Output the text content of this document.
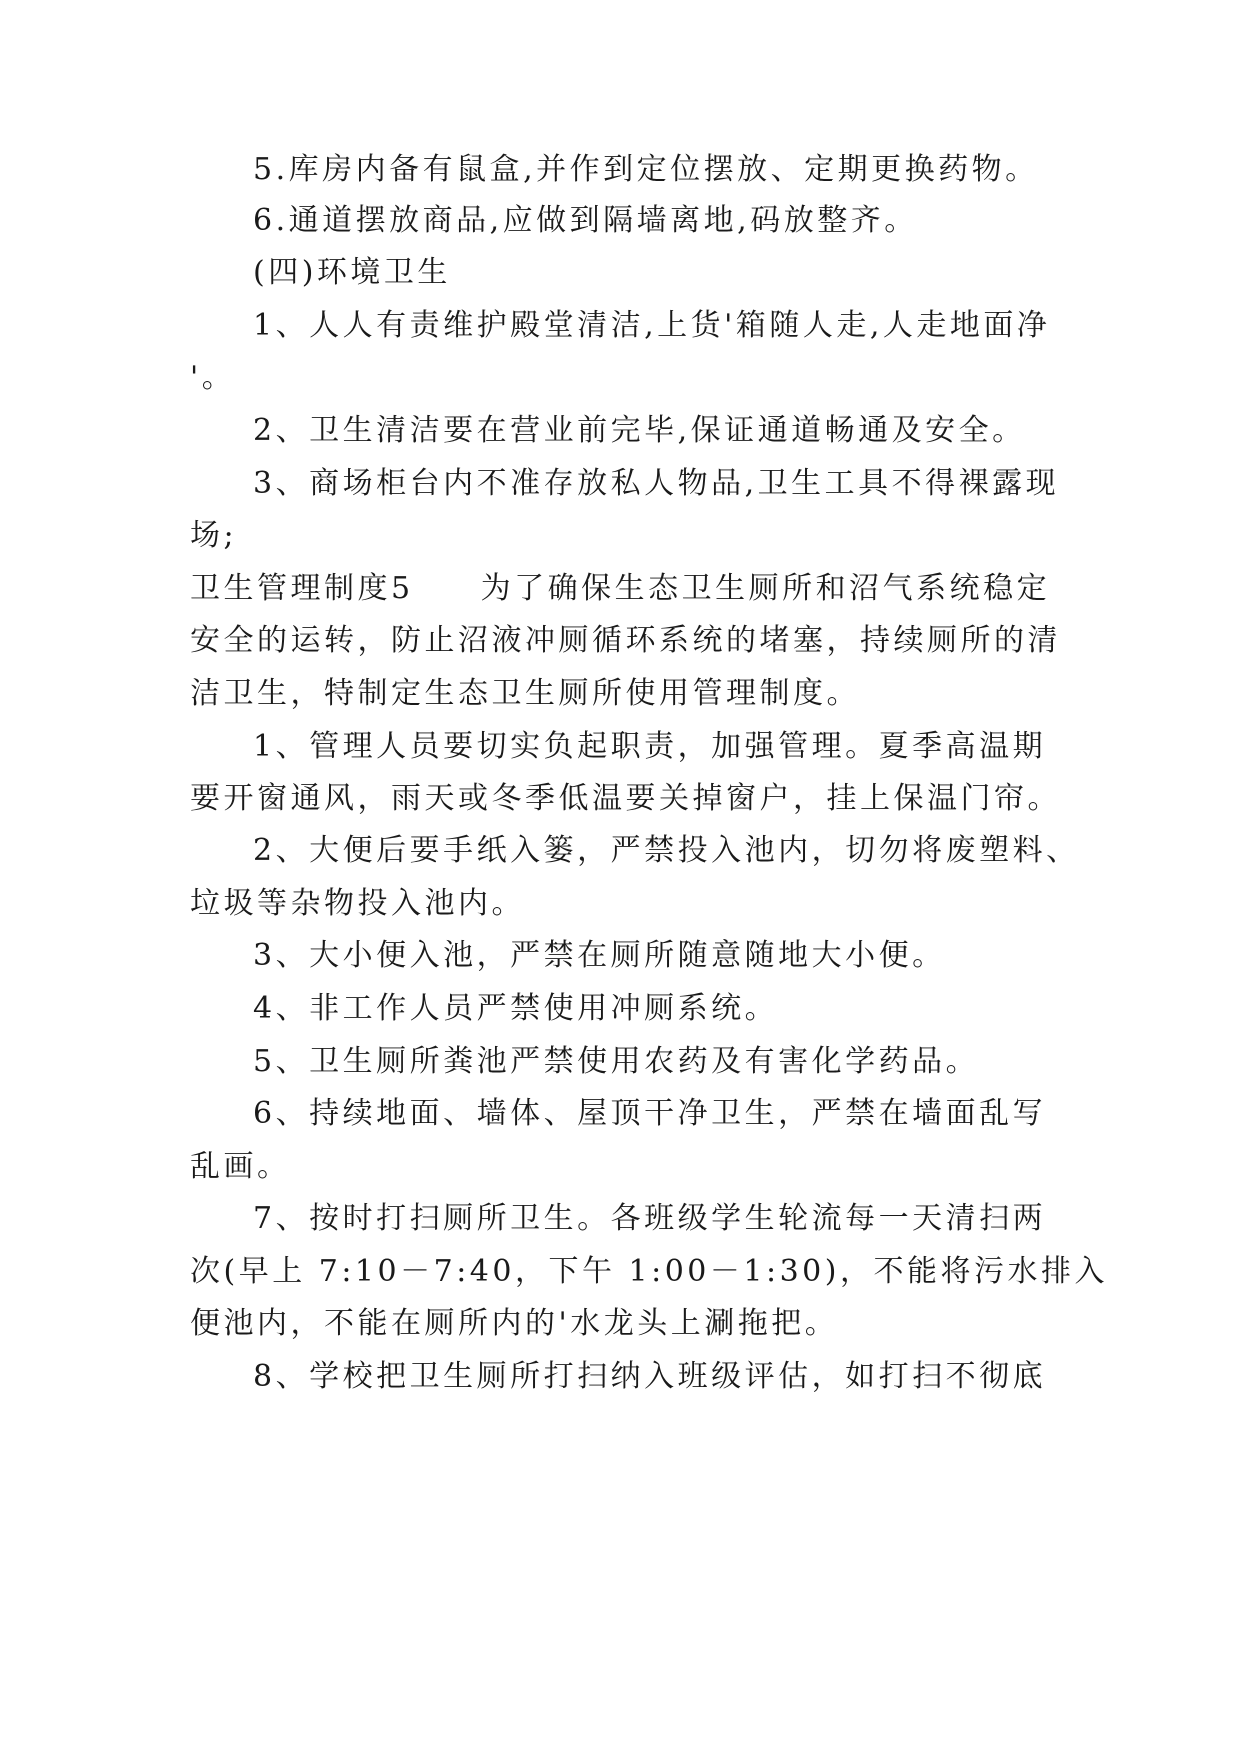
5.库房内备有鼠盒,并作到定位摆放、定期更换药物。
6.通道摆放商品,应做到隔墙离地,码放整齐。
(四)环境卫生
1、人人有责维护殿堂清洁,上货'箱随人走,人走地面净
'。
2、卫生清洁要在营业前完毕,保证通道畅通及安全。
3、商场柜台内不准存放私人物品,卫生工具不得裸露现
场;
卫生管理制度5　　为了确保生态卫生厕所和沼气系统稳定
安全的运转，防止沼液冲厕循环系统的堵塞，持续厕所的清
洁卫生，特制定生态卫生厕所使用管理制度。
1、管理人员要切实负起职责，加强管理。夏季高温期
要开窗通风，雨天或冬季低温要关掉窗户，挂上保温门帘。
2、大便后要手纸入篓，严禁投入池内，切勿将废塑料、
垃圾等杂物投入池内。
3、大小便入池，严禁在厕所随意随地大小便。
4、非工作人员严禁使用冲厕系统。
5、卫生厕所粪池严禁使用农药及有害化学药品。
6、持续地面、墙体、屋顶干净卫生，严禁在墙面乱写
乱画。
7、按时打扫厕所卫生。各班级学生轮流每一天清扫两
次(早上 7:10－7:40，下午 1:00－1:30)，不能将污水排入
便池内，不能在厕所内的'水龙头上涮拖把。
8、学校把卫生厕所打扫纳入班级评估，如打扫不彻底
